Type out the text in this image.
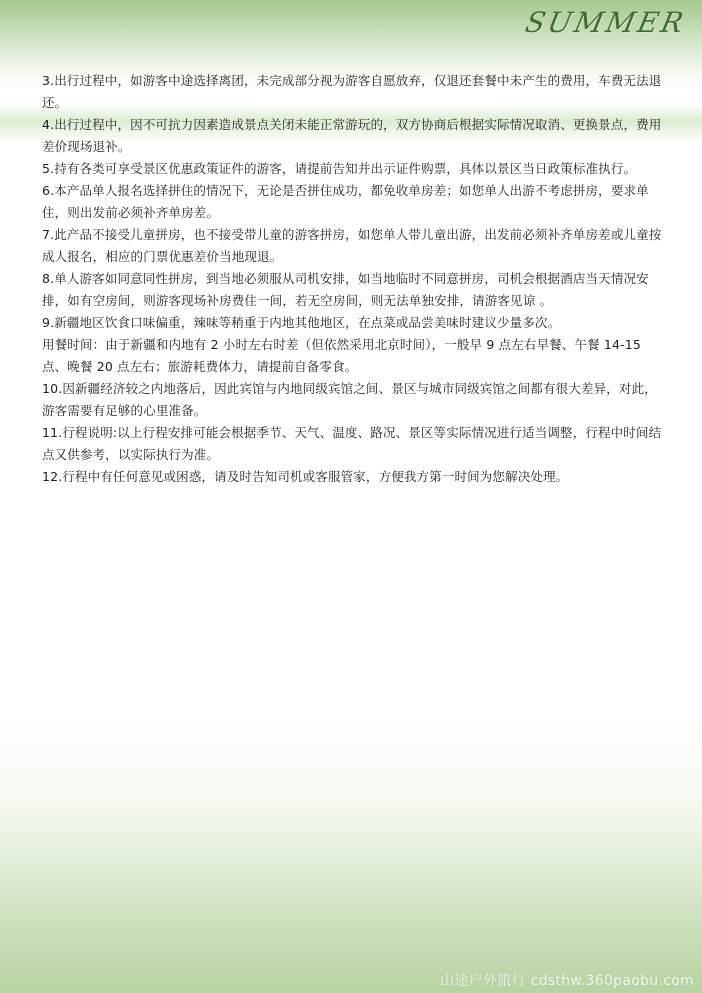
SUMMER

3.出行过程中，如游客中途选择离团，未完成部分视为游客自愿放弃，仅退还套餐中未产生的费用，车费无法退还。

4.出行过程中，因不可抗力因素造成景点关闭未能正常游玩的，双方协商后根据实际情况取消、更换景点，费用差价现场退补。

5.持有各类可享受景区优惠政策证件的游客，请提前告知并出示证件购票，具体以景区当日政策标准执行。

6.本产品单人报名选择拼住的情况下，无论是否拼住成功，都免收单房差；如您单人出游不考虑拼房，要求单住，则出发前必须补齐单房差。

7.此产品不接受儿童拼房，也不接受带儿童的游客拼房，如您单人带儿童出游，出发前必须补齐单房差或儿童按成人报名，相应的门票优惠差价当地现退。

8.单人游客如同意同性拼房，到当地必须服从司机安排，如当地临时不同意拼房，司机会根据酒店当天情况安排，如有空房间，则游客现场补房费住一间，若无空房间，则无法单独安排，请游客见谅 。

9.新疆地区饮食口味偏重，辣味等稍重于内地其他地区，在点菜或品尝美味时建议少量多次。

用餐时间：由于新疆和内地有 2 小时左右时差（但依然采用北京时间），一般早 9 点左右早餐、午餐 14-15 点、晚餐 20 点左右；旅游耗费体力，请提前自备零食。

10.因新疆经济较之内地落后，因此宾馆与内地同级宾馆之间、景区与城市同级宾馆之间都有很大差异，对此，游客需要有足够的心里准备。

11.行程说明:以上行程安排可能会根据季节、天气、温度、路况、景区等实际情况进行适当调整，行程中时间结点又供参考，以实际执行为准。

12.行程中有任何意见或困惑，请及时告知司机或客服管家，方便我方第一时间为您解决处理。

山途户外旅行 cdsthw.360paobu.com
